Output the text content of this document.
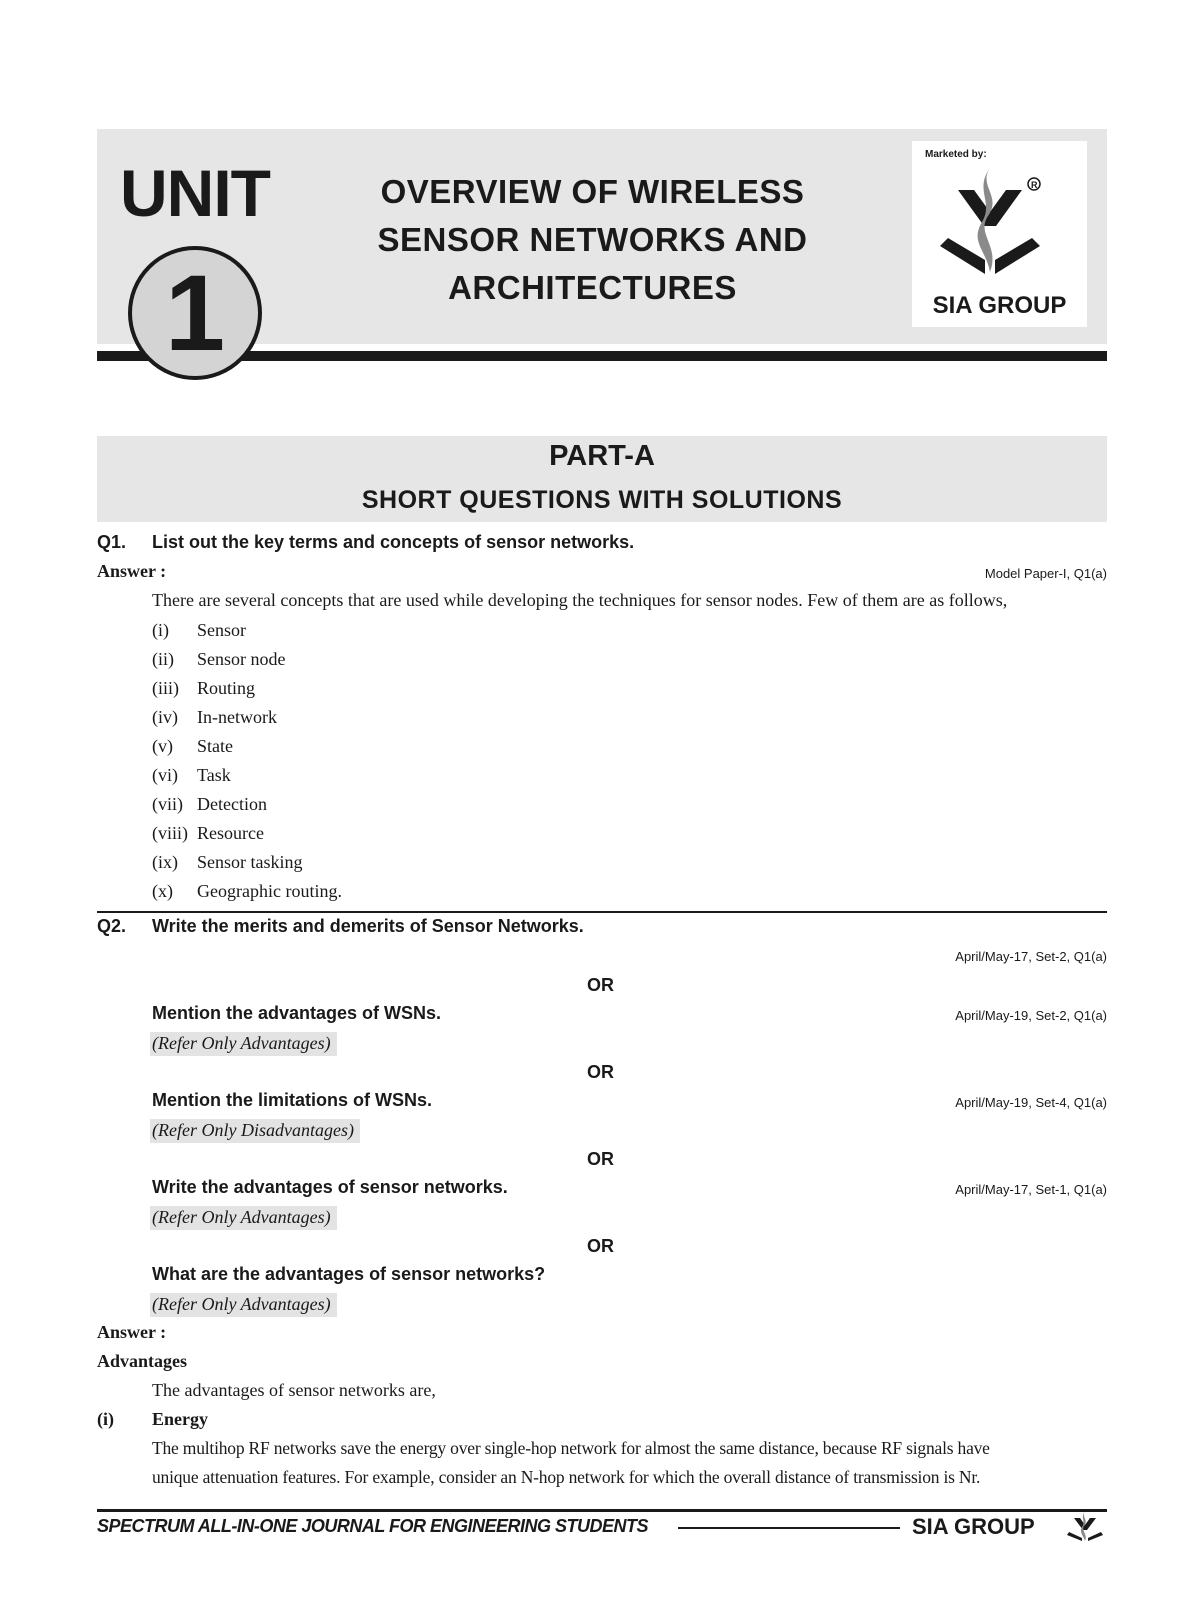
UNIT
1
OVERVIEW OF WIRELESS
SENSOR NETWORKS AND
ARCHITECTURES
Marketed by:
R
SIA GROUP
PART-A
SHORT QUESTIONS WITH SOLUTIONS
Q1. List out the key terms and concepts of sensor networks.
Answer :	Model Paper-I, Q1(a)
There are several concepts that are used while developing the techniques for sensor nodes. Few of them are as follows,
(i) Sensor
(ii) Sensor node
(iii) Routing
(iv) In-network
(v) State
(vi) Task
(vii) Detection
(viii) Resource
(ix) Sensor tasking
(x) Geographic routing.
Q2. Write the merits and demerits of Sensor Networks.
April/May-17, Set-2, Q1(a)
OR
Mention the advantages of WSNs.	April/May-19, Set-2, Q1(a)
(Refer Only Advantages)
OR
Mention the limitations of WSNs.	April/May-19, Set-4, Q1(a)
(Refer Only Disadvantages)
OR
Write the advantages of sensor networks.	April/May-17, Set-1, Q1(a)
(Refer Only Advantages)
OR
What are the advantages of sensor networks?
(Refer Only Advantages)
Answer :
Advantages
The advantages of sensor networks are,
(i) Energy
The multihop RF networks save the energy over single-hop network for almost the same distance, because RF signals have
unique attenuation features. For example, consider an N-hop network for which the overall distance of transmission is Nr.
SPECTRUM ALL-IN-ONE JOURNAL FOR ENGINEERING STUDENTS	SIA GROUP
